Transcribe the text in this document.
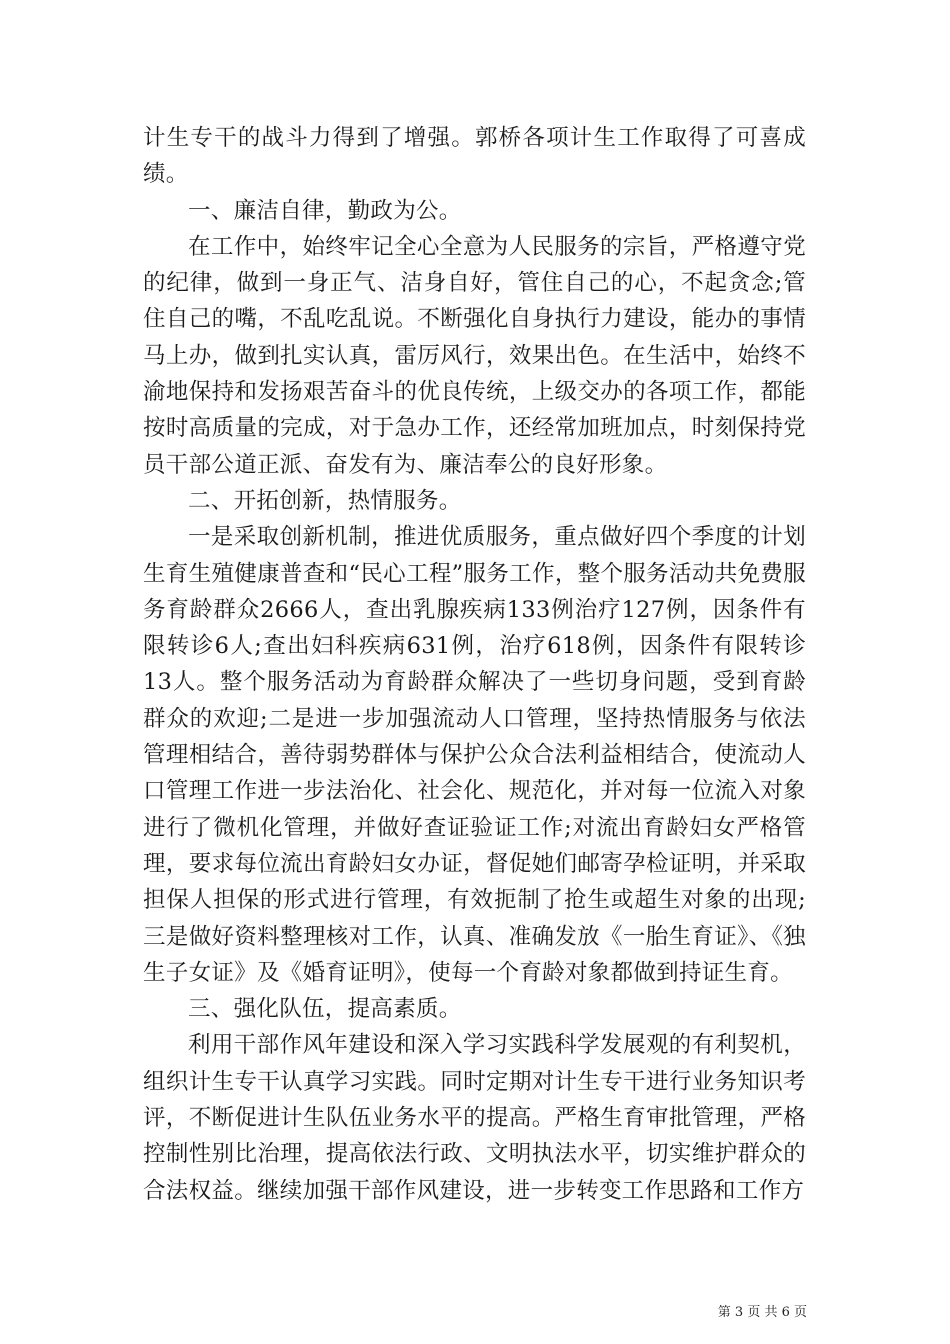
计生专干的战斗力得到了增强。郭桥各项计生工作取得了可喜成绩。

一、廉洁自律，勤政为公。

在工作中，始终牢记全心全意为人民服务的宗旨，严格遵守党的纪律，做到一身正气、洁身自好，管住自己的心，不起贪念;管住自己的嘴，不乱吃乱说。不断强化自身执行力建设，能办的事情马上办，做到扎实认真，雷厉风行，效果出色。在生活中，始终不渝地保持和发扬艰苦奋斗的优良传统，上级交办的各项工作，都能按时高质量的完成，对于急办工作，还经常加班加点，时刻保持党员干部公道正派、奋发有为、廉洁奉公的良好形象。

二、开拓创新，热情服务。

一是采取创新机制，推进优质服务，重点做好四个季度的计划生育生殖健康普查和“民心工程”服务工作，整个服务活动共免费服务育龄群众2666人，查出乳腺疾病133例治疗127例，因条件有限转诊6人;查出妇科疾病631例，治疗618例，因条件有限转诊13人。整个服务活动为育龄群众解决了一些切身问题，受到育龄群众的欢迎;二是进一步加强流动人口管理，坚持热情服务与依法管理相结合，善待弱势群体与保护公众合法利益相结合，使流动人口管理工作进一步法治化、社会化、规范化，并对每一位流入对象进行了微机化管理，并做好查证验证工作;对流出育龄妇女严格管理，要求每位流出育龄妇女办证，督促她们邮寄孕检证明，并采取担保人担保的形式进行管理，有效扼制了抢生或超生对象的出现;三是做好资料整理核对工作，认真、准确发放《一胎生育证》、《独生子女证》及《婚育证明》，使每一个育龄对象都做到持证生育。

三、强化队伍，提高素质。

利用干部作风年建设和深入学习实践科学发展观的有利契机，组织计生专干认真学习实践。同时定期对计生专干进行业务知识考评，不断促进计生队伍业务水平的提高。严格生育审批管理，严格控制性别比治理，提高依法行政、文明执法水平，切实维护群众的合法权益。继续加强干部作风建设，进一步转变工作思路和工作方

第 3 页 共 6 页
